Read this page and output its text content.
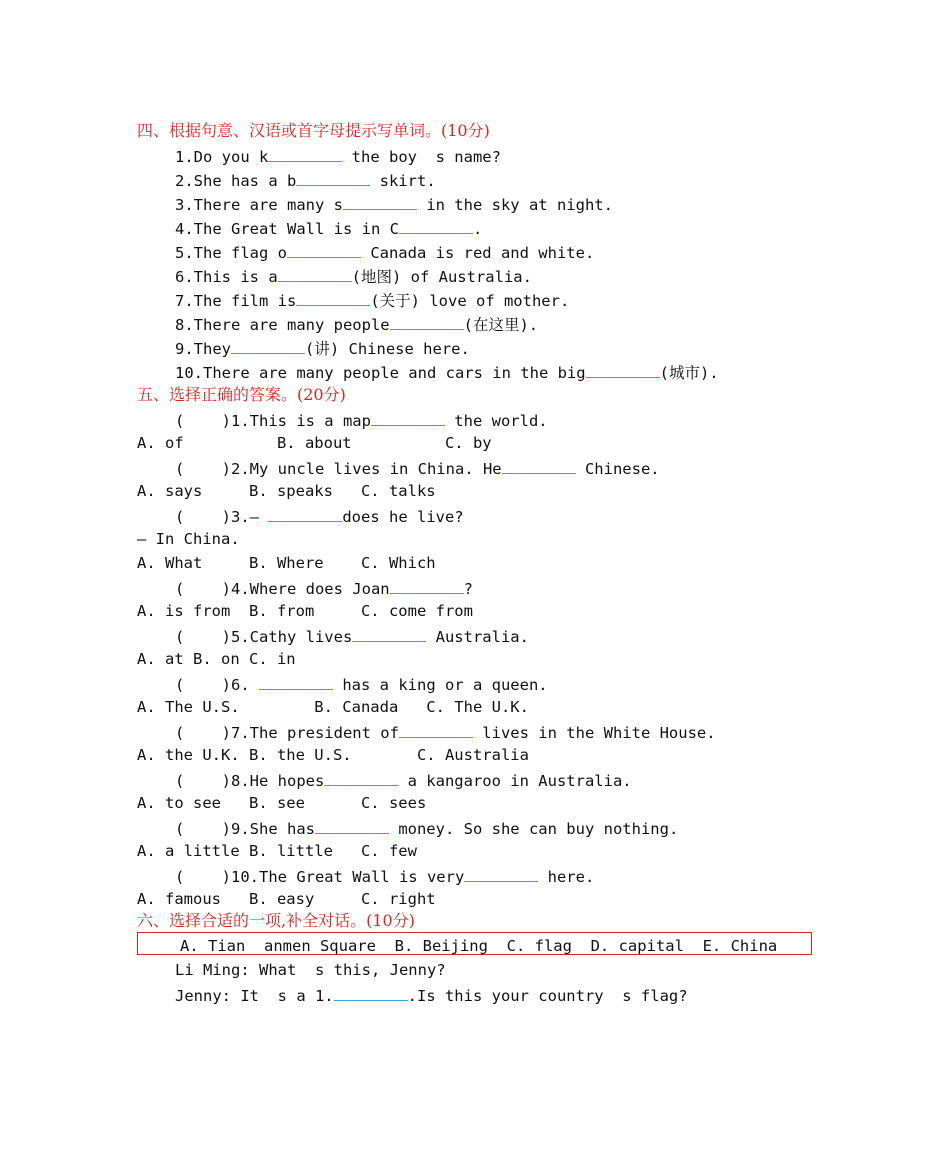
四、根据句意、汉语或首字母提示写单词。(10分)
1.Do you k	the boy  s name?
2.She has a b	skirt.
3.There are many s	in the sky at night.
4.The Great Wall is in C	.
5.The flag o	Canada is red and white.
6.This is a	(地图) of Australia.
7.The film is	(关于) love of mother.
8.There are many people	(在这里).
9.They	(讲) Chinese here.
10.There are many people and cars in the big	(城市).
五、选择正确的答案。(20分)
(    )1.This is a map	the world.
A. of          B. about          C. by
(    )2.My uncle lives in China. He	Chinese.
A. says     B. speaks   C. talks
(    )3.—	does he live?
— In China.
A. What     B. Where    C. Which
(    )4.Where does Joan	?
A. is from  B. from     C. come from
(    )5.Cathy lives	Australia.
A. at B. on C. in
(    )6.	has a king or a queen.
A. The U.S.        B. Canada   C. The U.K.
(    )7.The president of	lives in the White House.
A. the U.K. B. the U.S.       C. Australia
(    )8.He hopes	a kangaroo in Australia.
A. to see   B. see      C. sees
(    )9.She has	money. So she can buy nothing.
A. a little B. little   C. few
(    )10.The Great Wall is very	here.
A. famous   B. easy     C. right
六、选择合适的一项,补全对话。(10分)
A. Tian  anmen Square  B. Beijing  C. flag  D. capital  E. China
Li Ming: What  s this, Jenny?
Jenny: It  s a 1.	.Is this your country  s flag?
